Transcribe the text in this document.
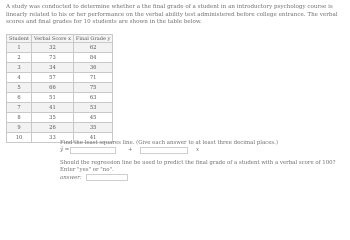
A study was conducted to determine whether a the final grade of a student in an introductory psychology course is linearly related to his or her performance on the verbal ability test administered before college entrance. The verbal scores and final grades for 10 students are shown in the table below.
Student	Verbal Score x	Final Grade y
1	32	62
2	73	84
3	34	36
4	57	71
5	66	75
6	51	63
7	41	53
8	35	45
9	26	35
10	33	41
Find the least squares line. (Give each answer to at least three decimal places.)
ŷ =	+	x
Should the regression line be used to predict the final grade of a student with a verbal score of 100? Enter "yes" or "no".
answer:
